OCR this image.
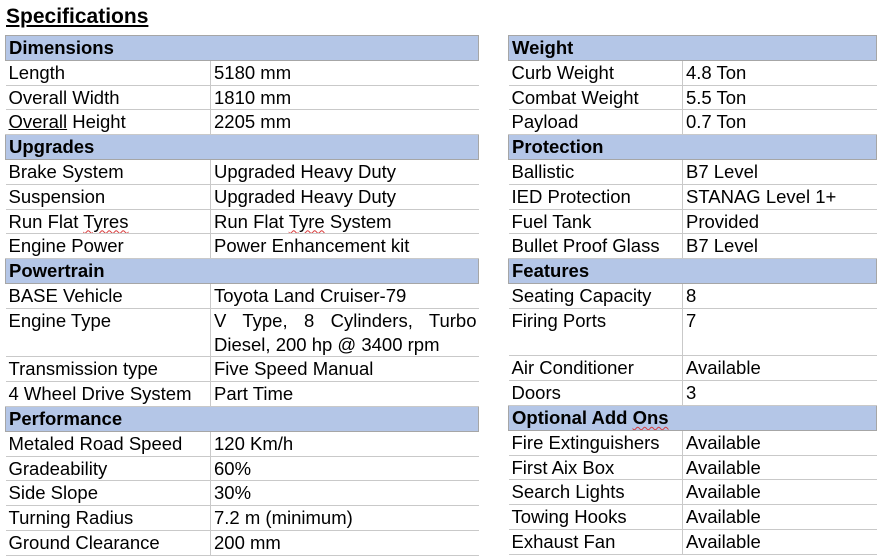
Specifications
Dimensions	
Length	5180 mm
Overall Width	1810 mm
Overall Height	2205 mm
Upgrades	
Brake System	Upgraded Heavy Duty
Suspension	Upgraded Heavy Duty
Run Flat Tyres	Run Flat Tyre System
Engine Power	Power Enhancement kit
Powertrain	
BASE Vehicle	Toyota Land Cruiser-79
Engine Type	V Type, 8 Cylinders, Turbo Diesel, 200 hp @ 3400 rpm
Transmission type	Five Speed Manual
4 Wheel Drive System	Part Time
Performance	
Metaled Road Speed	120 Km/h
Gradeability	60%
Side Slope	30%
Turning Radius	7.2 m (minimum)
Ground Clearance	200 mm
Weight	
Curb Weight	4.8 Ton
Combat Weight	5.5 Ton
Payload	0.7 Ton
Protection	
Ballistic	B7 Level
IED Protection	STANAG Level 1+
Fuel Tank	Provided
Bullet Proof Glass	B7 Level
Features	
Seating Capacity	8
Firing Ports	7
Air Conditioner	Available
Doors	3
Optional Add Ons	
Fire Extinguishers	Available
First Aix Box	Available
Search Lights	Available
Towing Hooks	Available
Exhaust Fan	Available
